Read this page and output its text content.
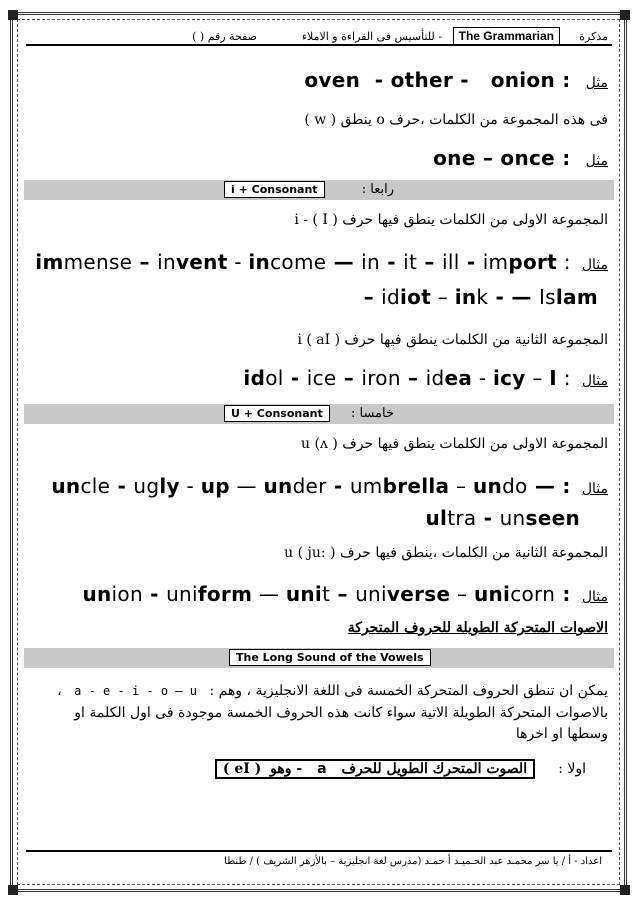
مذكرة
The Grammarian
- للتأسيس فى القراءة و الاملاء
صفحة رقم ( )
مثل oven - other - onion :
فى هذه المجموعة من الكلمات ،حرف o ينطق ( w )
مثل one – once :
رابعا :
i + Consonant
المجموعة الاولى من الكلمات ينطق فيها حرف i - ( I )
مثال immense – invent - income — in - it – ill - import :
– idiot – ink - — Islam
المجموعة الثانية من الكلمات ينطق فيها حرف i ( aI )
مثال idol - ice – iron – idea - icy – I :
خامسا :
U + Consonant
المجموعة الاولى من الكلمات ينطق فيها حرف u (ʌ )
مثال uncle - ugly - up — under - umbrella – undo — :
ultra - unseen
المجموعة الثانية من الكلمات ،ينطق فيها حرف u ( ju: )
مثال union - uniform — unit – universe – unicorn :
الاصوات المتحركة الطويلة للحروف المتحركة
The Long Sound of the Vowels
يمكن ان تنطق الحروف المتحركة الخمسة فى اللغة الانجليزية ، وهم : a - e - i - o – u ،
بالاصوات المتحركة الطويلة الاتية سواء كانت هذه الحروف الخمسة موجودة فى اول الكلمة او
وسطها او اخرها
اولا : الصوت المتحرك الطويل للحرف a - وهو ( eI )
اعداد - أ / يا سر محمـد عبد الحـميـد أ حمـد (مدرس لغة انجليزية – بالأزهر الشريف ) / طنطا
